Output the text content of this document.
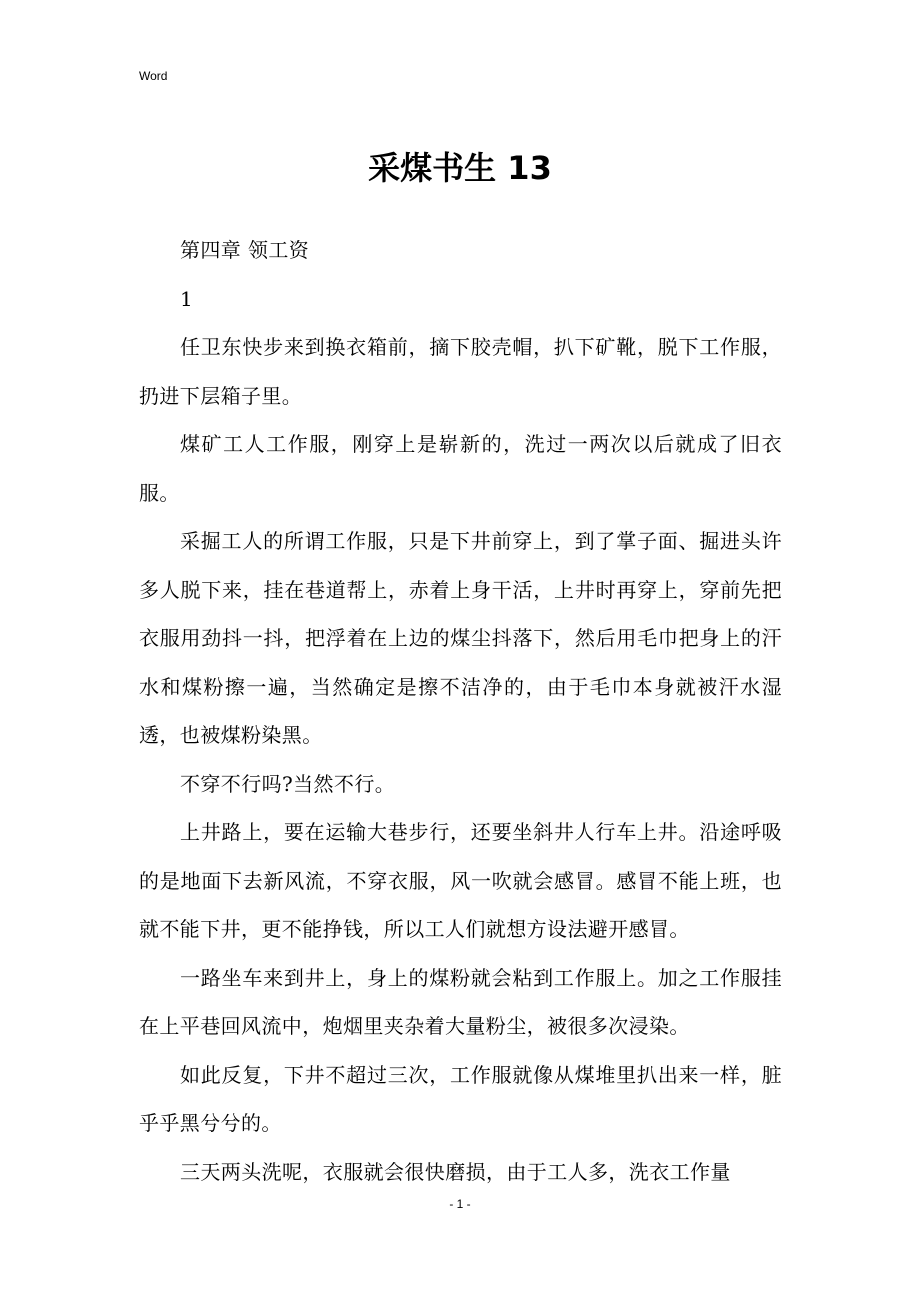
Word
采煤书生 13

第四章 领工资

1

任卫东快步来到换衣箱前，摘下胶壳帽，扒下矿靴，脱下工作服，扔进下层箱子里。

煤矿工人工作服，刚穿上是崭新的，洗过一两次以后就成了旧衣服。

采掘工人的所谓工作服，只是下井前穿上，到了掌子面、掘进头许多人脱下来，挂在巷道帮上，赤着上身干活，上井时再穿上，穿前先把衣服用劲抖一抖，把浮着在上边的煤尘抖落下，然后用毛巾把身上的汗水和煤粉擦一遍，当然确定是擦不洁净的，由于毛巾本身就被汗水湿透，也被煤粉染黑。

不穿不行吗?当然不行。

上井路上，要在运输大巷步行，还要坐斜井人行车上井。沿途呼吸的是地面下去新风流，不穿衣服，风一吹就会感冒。感冒不能上班，也就不能下井，更不能挣钱，所以工人们就想方设法避开感冒。

一路坐车来到井上，身上的煤粉就会粘到工作服上。加之工作服挂在上平巷回风流中，炮烟里夹杂着大量粉尘，被很多次浸染。

如此反复，下井不超过三次，工作服就像从煤堆里扒出来一样，脏乎乎黑兮兮的。

三天两头洗呢，衣服就会很快磨损，由于工人多，洗衣工作量

- 1 -
